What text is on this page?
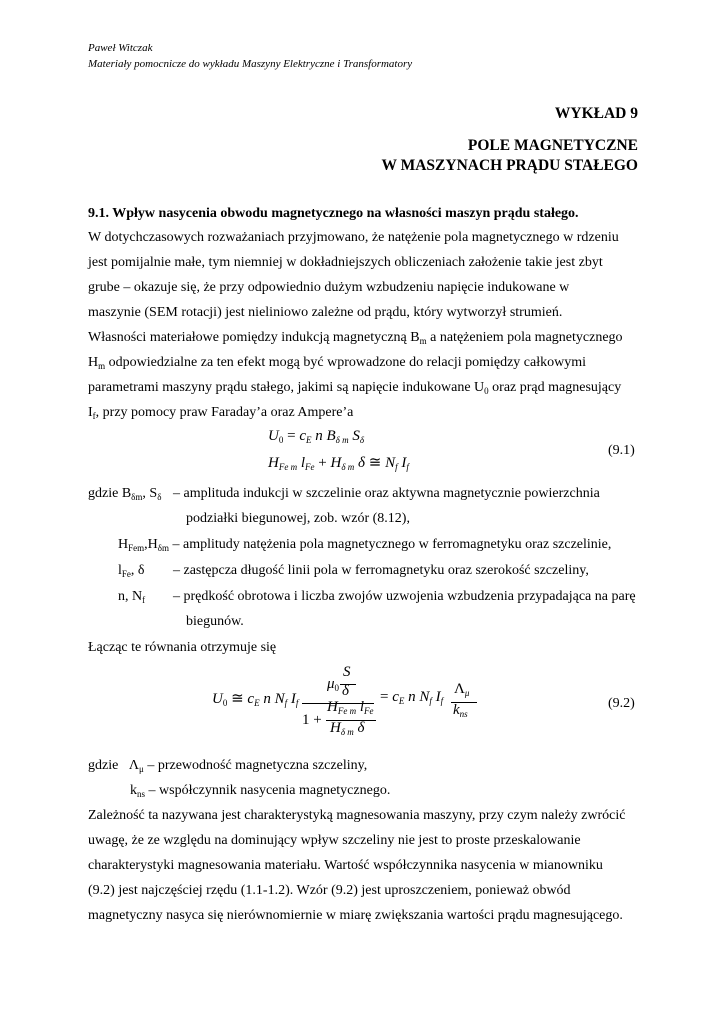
Paweł Witczak
Materiały pomocnicze do wykładu Maszyny Elektryczne i Transformatory
WYKŁAD 9
POLE MAGNETYCZNE
W MASZYNACH PRĄDU STAŁEGO
9.1. Wpływ nasycenia obwodu magnetycznego na własności maszyn prądu stałego.
W dotychczasowych rozważaniach przyjmowano, że natężenie pola magnetycznego w rdzeniu
jest pomijalnie małe, tym niemniej w dokładniejszych obliczeniach założenie takie jest zbyt
grube – okazuje się, że przy odpowiednio dużym wzbudzeniu napięcie indukowane w
maszynie (SEM rotacji) jest nieliniowo zależne od prądu, który wytworzył strumień.
Własności materiałowe pomiędzy indukcją magnetyczną $B_m$ a natężeniem pola magnetycznego
$H_m$ odpowiedzialne za ten efekt mogą być wprowadzone do relacji pomiędzy całkowymi
parametrami maszyny prądu stałego, jakimi są napięcie indukowane $U_0$ oraz prąd magnesujący
$I_f$, przy pomocy praw Faraday’a oraz Ampere’a
$U_0 = c_E$ n $B_{\delta m}$ $S_\delta$
$H_{Fe m}$ $l_{Fe} + H_{\delta m}$ δ ≅ $N_f$ $I_f$
(9.1)
gdzie $B_{\delta m}$, $S_\delta$ – amplituda indukcji w szczelinie oraz aktywna magnetycznie powierzchnia
podziałki biegunowej, zob. wzór (8.12),
$H_{Fem},H_{\delta m}$ – amplitudy natężenia pola magnetycznego w ferromagnetyku oraz szczelinie,
$l_{Fe}$, δ – zastępcza długość linii pola w ferromagnetyku oraz szerokość szczeliny,
n, $N_f$ – prędkość obrotowa i liczba zwojów uzwojenia wzbudzenia przypadająca na parę
biegunów.
Łącząc te równania otrzymuje się
$U_0$ ≅ $c_E$ n $N_f$ $I_f$
$\mu_0$
S
δ
1 +
$H_{Fe m}$ $l_{Fe}$
$H_{\delta m}$ δ
= $c_E$ n $N_f$ $I_f$
$\Lambda_\mu$
$k_{ns}$
(9.2)
gdzie $\Lambda_\mu$ – przewodność magnetyczna szczeliny,
$k_{ns}$ – współczynnik nasycenia magnetycznego.
Zależność ta nazywana jest charakterystyką magnesowania maszyny, przy czym należy zwrócić
uwagę, że ze względu na dominujący wpływ szczeliny nie jest to proste przeskalowanie
charakterystyki magnesowania materiału. Wartość współczynnika nasycenia w mianowniku
(9.2) jest najczęściej rzędu (1.1-1.2). Wzór (9.2) jest uproszczeniem, ponieważ obwód
magnetyczny nasyca się nierównomiernie w miarę zwiększania wartości prądu magnesującego.
